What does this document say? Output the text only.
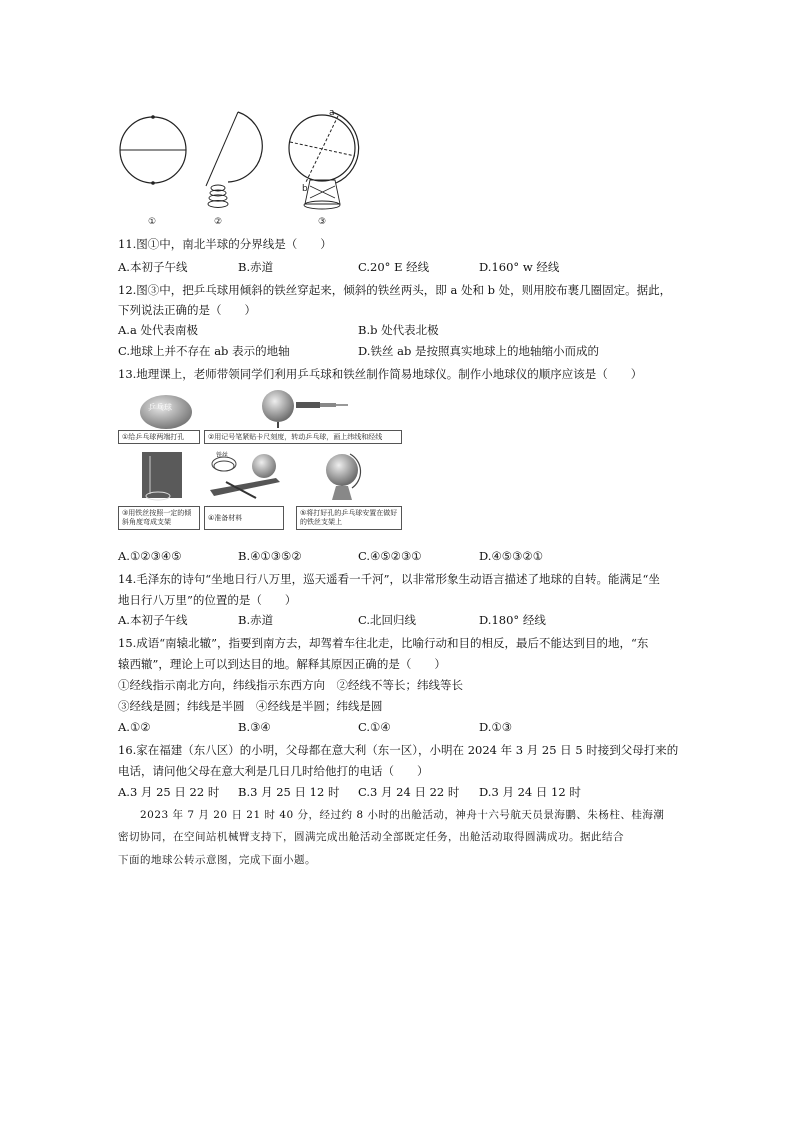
a
b
①	②	③
11.图①中，南北半球的分界线是（　　）
A.本初子午线	B.赤道	C.20° E 经线	D.160° w 经线
12.图③中，把乒乓球用倾斜的铁丝穿起来，倾斜的铁丝两头，即 a 处和 b 处，则用胶布裹几圈固定。据此，
下列说法正确的是（　　）
A.a 处代表南极	B.b 处代表北极
C.地球上并不存在 ab 表示的地轴	D.铁丝 ab 是按照真实地球上的地轴缩小而成的
13.地理课上，老师带领同学们利用乒乓球和铁丝制作简易地球仪。制作小地球仪的顺序应该是（　　）
乒乓球
①给乒乓球两端打孔	②用记号笔紧贴卡尺刻度，转动乒乓球，画上纬线和经线
③用铁丝按照一定的倾斜角度弯成支架
铁丝
④准备材料
⑤将打好孔的乒乓球安置在做好的铁丝支架上
A.①②③④⑤	B.④①③⑤②	C.④⑤②③①	D.④⑤③②①
14.毛泽东的诗句“坐地日行八万里，巡天遥看一千河”，以非常形象生动语言描述了地球的自转。能满足“坐
地日行八万里”的位置的是（　　）
A.本初子午线	B.赤道	C.北回归线	D.180° 经线
15.成语“南辕北辙”，指要到南方去，却驾着车往北走，比喻行动和目的相反，最后不能达到目的地，“东
辕西辙”，理论上可以到达目的地。解释其原因正确的是（　　）
①经线指示南北方向，纬线指示东西方向　②经线不等长；纬线等长
③经线是圆；纬线是半圆　④经线是半圆；纬线是圆
A.①②	B.③④	C.①④	D.①③
16.家在福建（东八区）的小明，父母都在意大利（东一区），小明在 2024 年 3 月 25 日 5 时接到父母打来的
电话，请问他父母在意大利是几日几时给他打的电话（　　）
A.3 月 25 日 22 时 B.3 月 25 日 12 时 C.3 月 24 日 22 时 D.3 月 24 日 12 时
2023 年 7 月 20 日 21 时 40 分，经过约 8 小时的出舱活动，神舟十六号航天员景海鹏、朱杨柱、桂海潮
密切协同，在空间站机械臂支持下，圆满完成出舱活动全部既定任务，出舱活动取得圆满成功。据此结合
下面的地球公转示意图，完成下面小题。
